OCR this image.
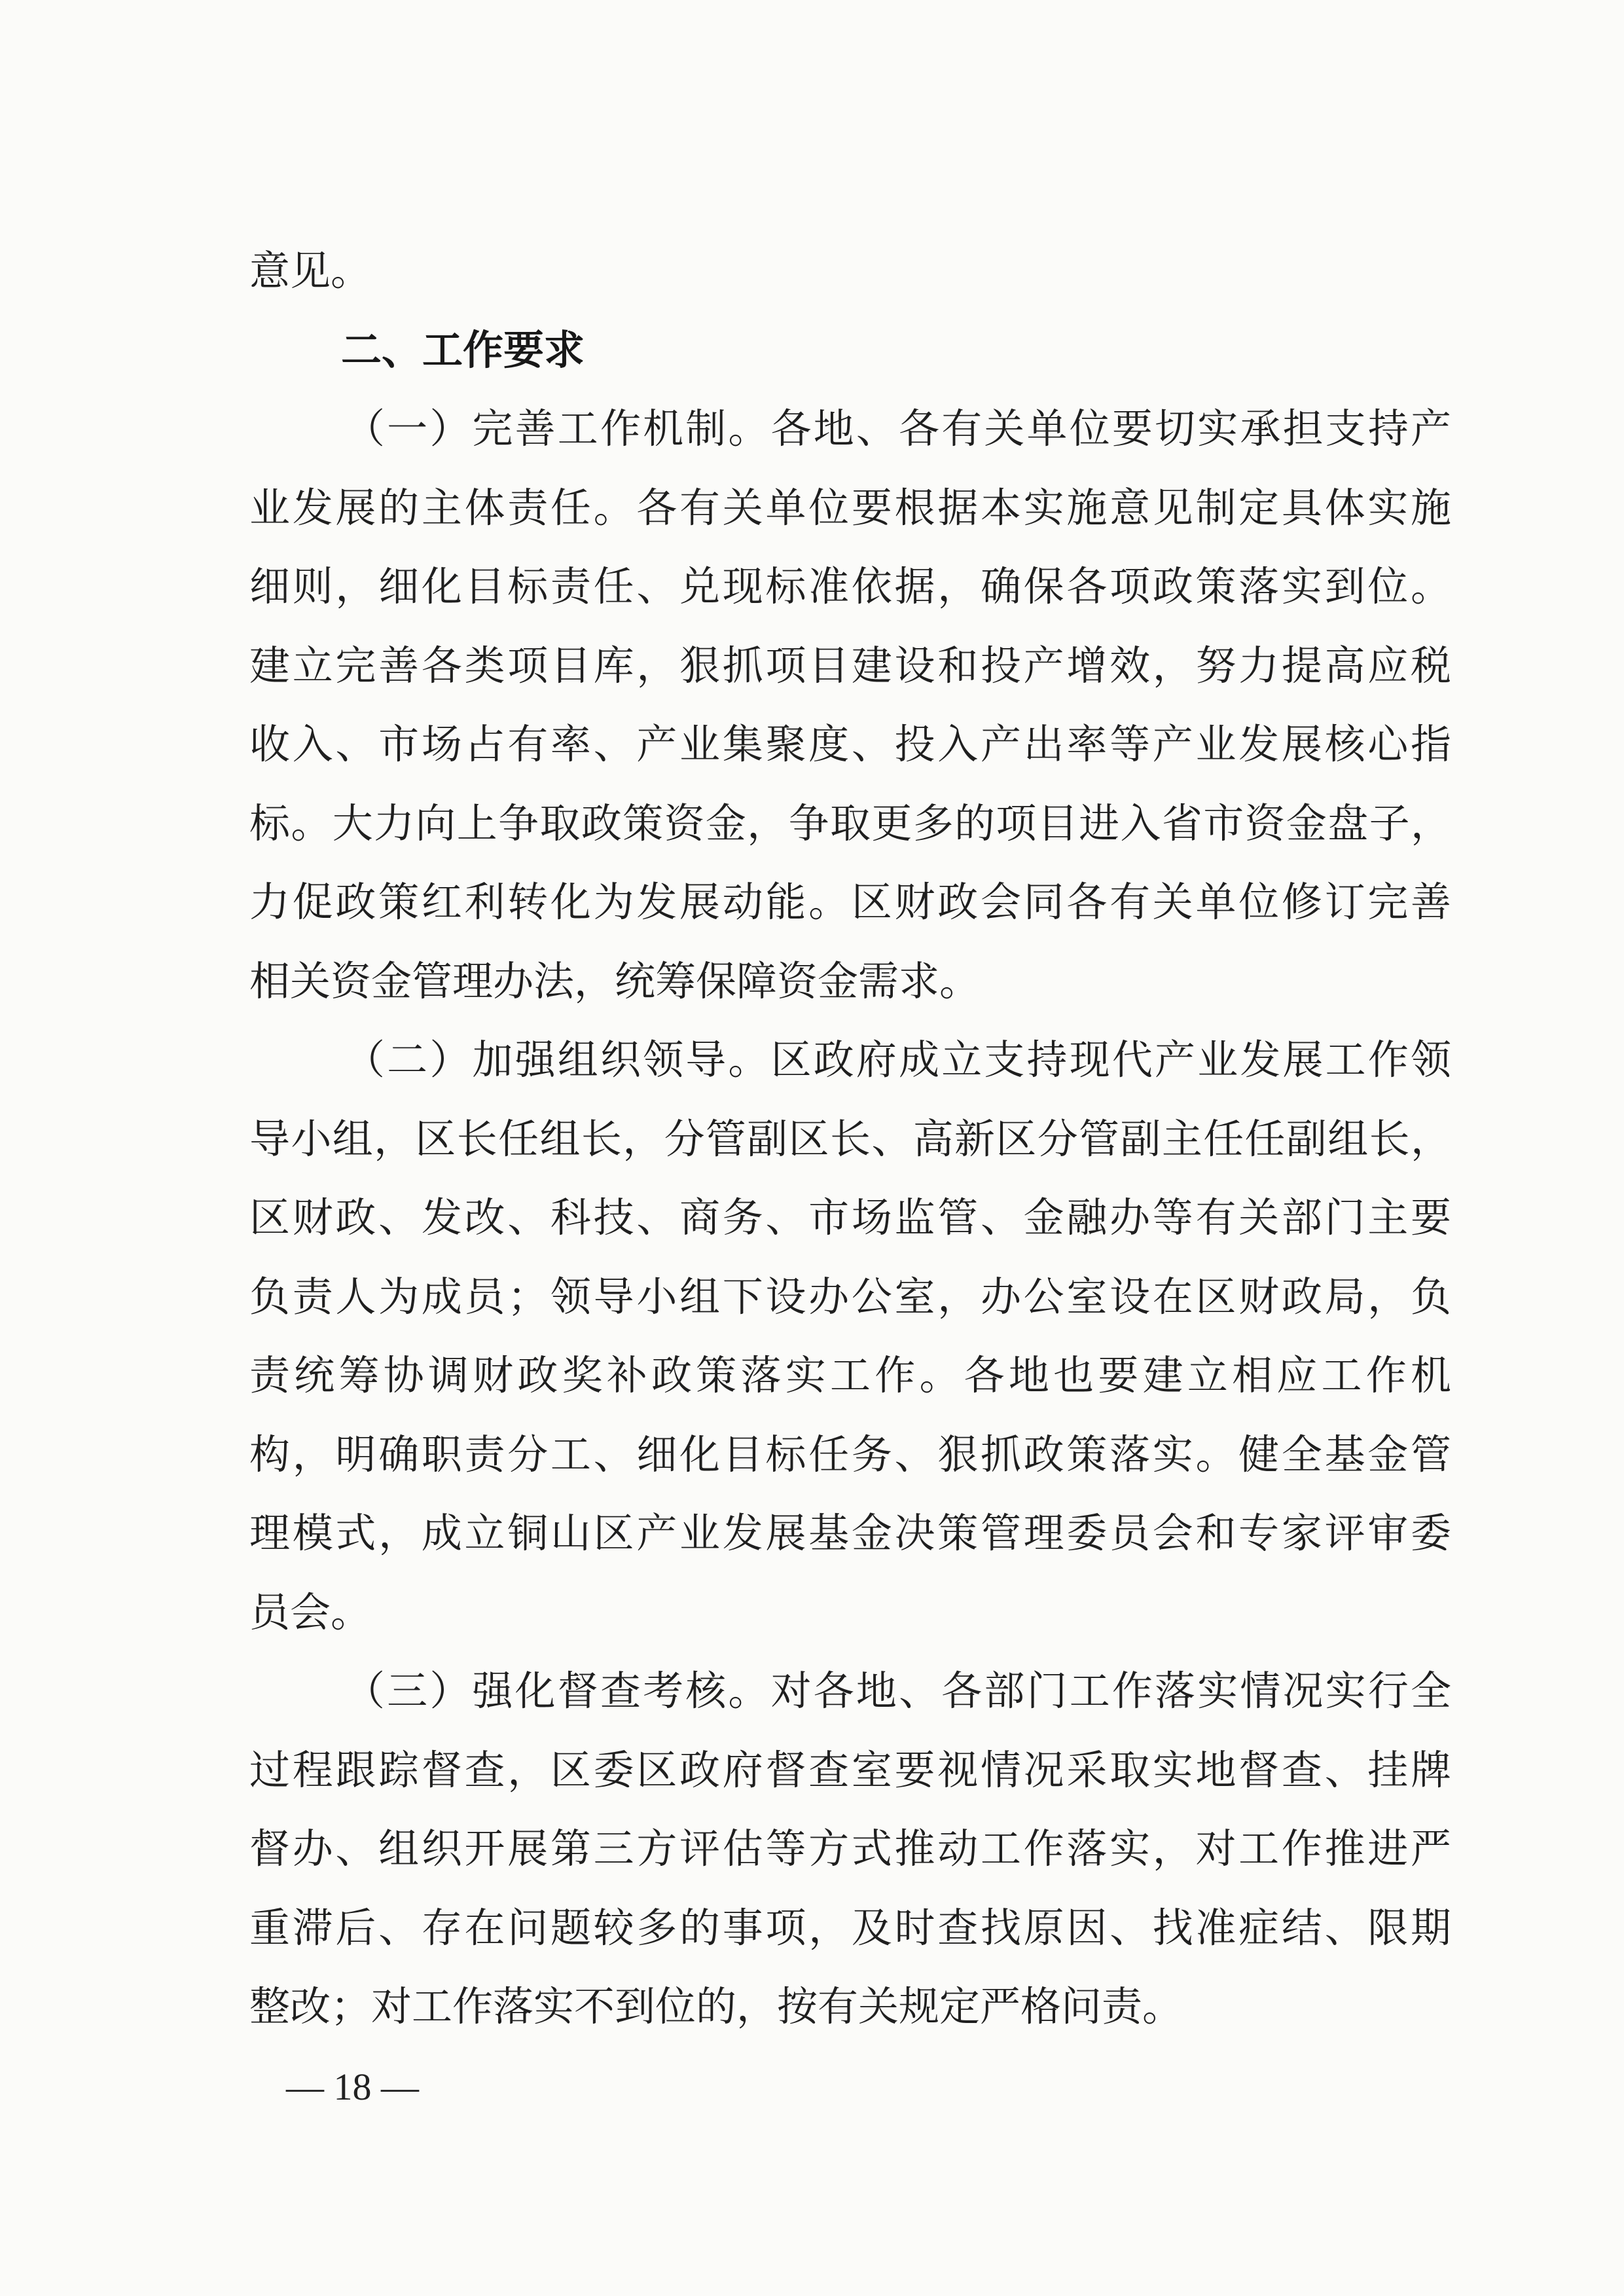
意见。
二、工作要求
（一）完善工作机制。各地、各有关单位要切实承担支持产
业发展的主体责任。各有关单位要根据本实施意见制定具体实施
细则，细化目标责任、兑现标准依据，确保各项政策落实到位。
建立完善各类项目库，狠抓项目建设和投产增效，努力提高应税
收入、市场占有率、产业集聚度、投入产出率等产业发展核心指
标。大力向上争取政策资金，争取更多的项目进入省市资金盘子，
力促政策红利转化为发展动能。区财政会同各有关单位修订完善
相关资金管理办法，统筹保障资金需求。
（二）加强组织领导。区政府成立支持现代产业发展工作领
导小组，区长任组长，分管副区长、高新区分管副主任任副组长，
区财政、发改、科技、商务、市场监管、金融办等有关部门主要
负责人为成员；领导小组下设办公室，办公室设在区财政局，负
责统筹协调财政奖补政策落实工作。各地也要建立相应工作机
构，明确职责分工、细化目标任务、狠抓政策落实。健全基金管
理模式，成立铜山区产业发展基金决策管理委员会和专家评审委
员会。
（三）强化督查考核。对各地、各部门工作落实情况实行全
过程跟踪督查，区委区政府督查室要视情况采取实地督查、挂牌
督办、组织开展第三方评估等方式推动工作落实，对工作推进严
重滞后、存在问题较多的事项，及时查找原因、找准症结、限期
整改；对工作落实不到位的，按有关规定严格问责。
— 18 —
